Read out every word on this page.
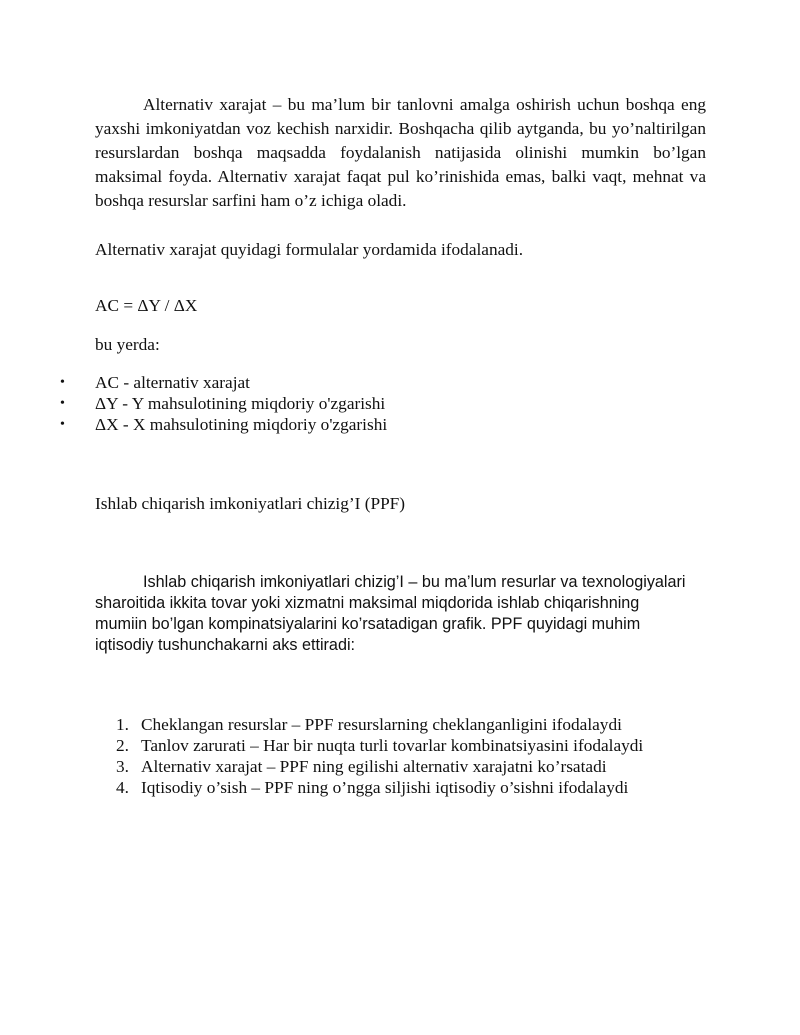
Alternativ xarajat – bu ma’lum bir tanlovni amalga oshirish uchun boshqa eng yaxshi imkoniyatdan voz kechish narxidir. Boshqacha qilib aytganda, bu yo’naltirilgan resurslardan boshqa maqsadda foydalanish natijasida olinishi mumkin bo’lgan maksimal foyda. Alternativ xarajat faqat pul ko’rinishida emas, balki vaqt, mehnat va boshqa resurslar sarfini ham o’z ichiga oladi.

Alternativ xarajat quyidagi formulalar yordamida ifodalanadi.
AC = ΔY / ΔX
bu yerda:
• AC - alternativ xarajat
• ΔY - Y mahsulotining miqdoriy o'zgarishi
• ΔX - X mahsulotining miqdoriy o'zgarishi
Ishlab chiqarish imkoniyatlari chizig’I (PPF)

Ishlab chiqarish imkoniyatlari chizig’I – bu ma’lum resurlar va texnologiyalari sharoitida ikkita tovar yoki xizmatni maksimal miqdorida ishlab chiqarishning mumiin bo’lgan kompinatsiyalarini ko’rsatadigan grafik. PPF quyidagi muhim iqtisodiy tushunchakarni aks ettiradi:

1. Cheklangan resurslar – PPF resurslarning cheklanganligini ifodalaydi
2. Tanlov zarurati – Har bir nuqta turli tovarlar kombinatsiyasini ifodalaydi
3. Alternativ xarajat – PPF ning egilishi alternativ xarajatni ko’rsatadi
4. Iqtisodiy o’sish – PPF ning o’ngga siljishi iqtisodiy o’sishni ifodalaydi
